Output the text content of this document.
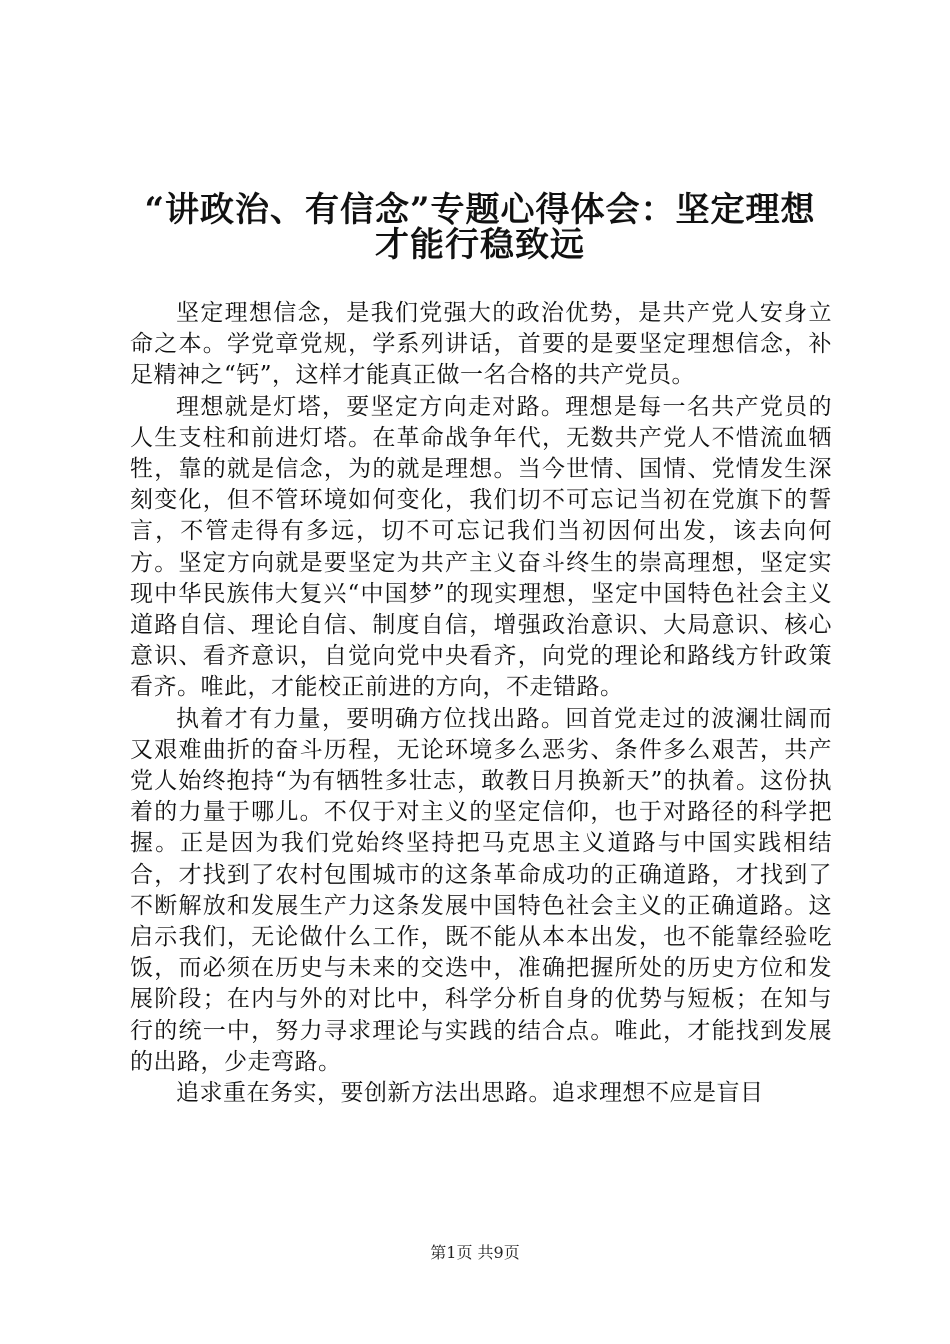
“讲政治、有信念”专题心得体会：坚定理想
才能行稳致远

坚定理想信念，是我们党强大的政治优势，是共产党人安身立命之本。学党章党规，学系列讲话，首要的是要坚定理想信念，补足精神之“钙”，这样才能真正做一名合格的共产党员。

理想就是灯塔，要坚定方向走对路。理想是每一名共产党员的人生支柱和前进灯塔。在革命战争年代，无数共产党人不惜流血牺牲，靠的就是信念，为的就是理想。当今世情、国情、党情发生深刻变化，但不管环境如何变化，我们切不可忘记当初在党旗下的誓言，不管走得有多远，切不可忘记我们当初因何出发，该去向何方。坚定方向就是要坚定为共产主义奋斗终生的崇高理想，坚定实现中华民族伟大复兴“中国梦”的现实理想，坚定中国特色社会主义道路自信、理论自信、制度自信，增强政治意识、大局意识、核心意识、看齐意识，自觉向党中央看齐，向党的理论和路线方针政策看齐。唯此，才能校正前进的方向，不走错路。

执着才有力量，要明确方位找出路。回首党走过的波澜壮阔而又艰难曲折的奋斗历程，无论环境多么恶劣、条件多么艰苦，共产党人始终抱持“为有牺牲多壮志，敢教日月换新天”的执着。这份执着的力量于哪儿。不仅于对主义的坚定信仰，也于对路径的科学把握。正是因为我们党始终坚持把马克思主义道路与中国实践相结合，才找到了农村包围城市的这条革命成功的正确道路，才找到了不断解放和发展生产力这条发展中国特色社会主义的正确道路。这启示我们，无论做什么工作，既不能从本本出发，也不能靠经验吃饭，而必须在历史与未来的交迭中，准确把握所处的历史方位和发展阶段；在内与外的对比中，科学分析自身的优势与短板；在知与行的统一中，努力寻求理论与实践的结合点。唯此，才能找到发展的出路，少走弯路。

追求重在务实，要创新方法出思路。追求理想不应是盲目

第1页 共9页
